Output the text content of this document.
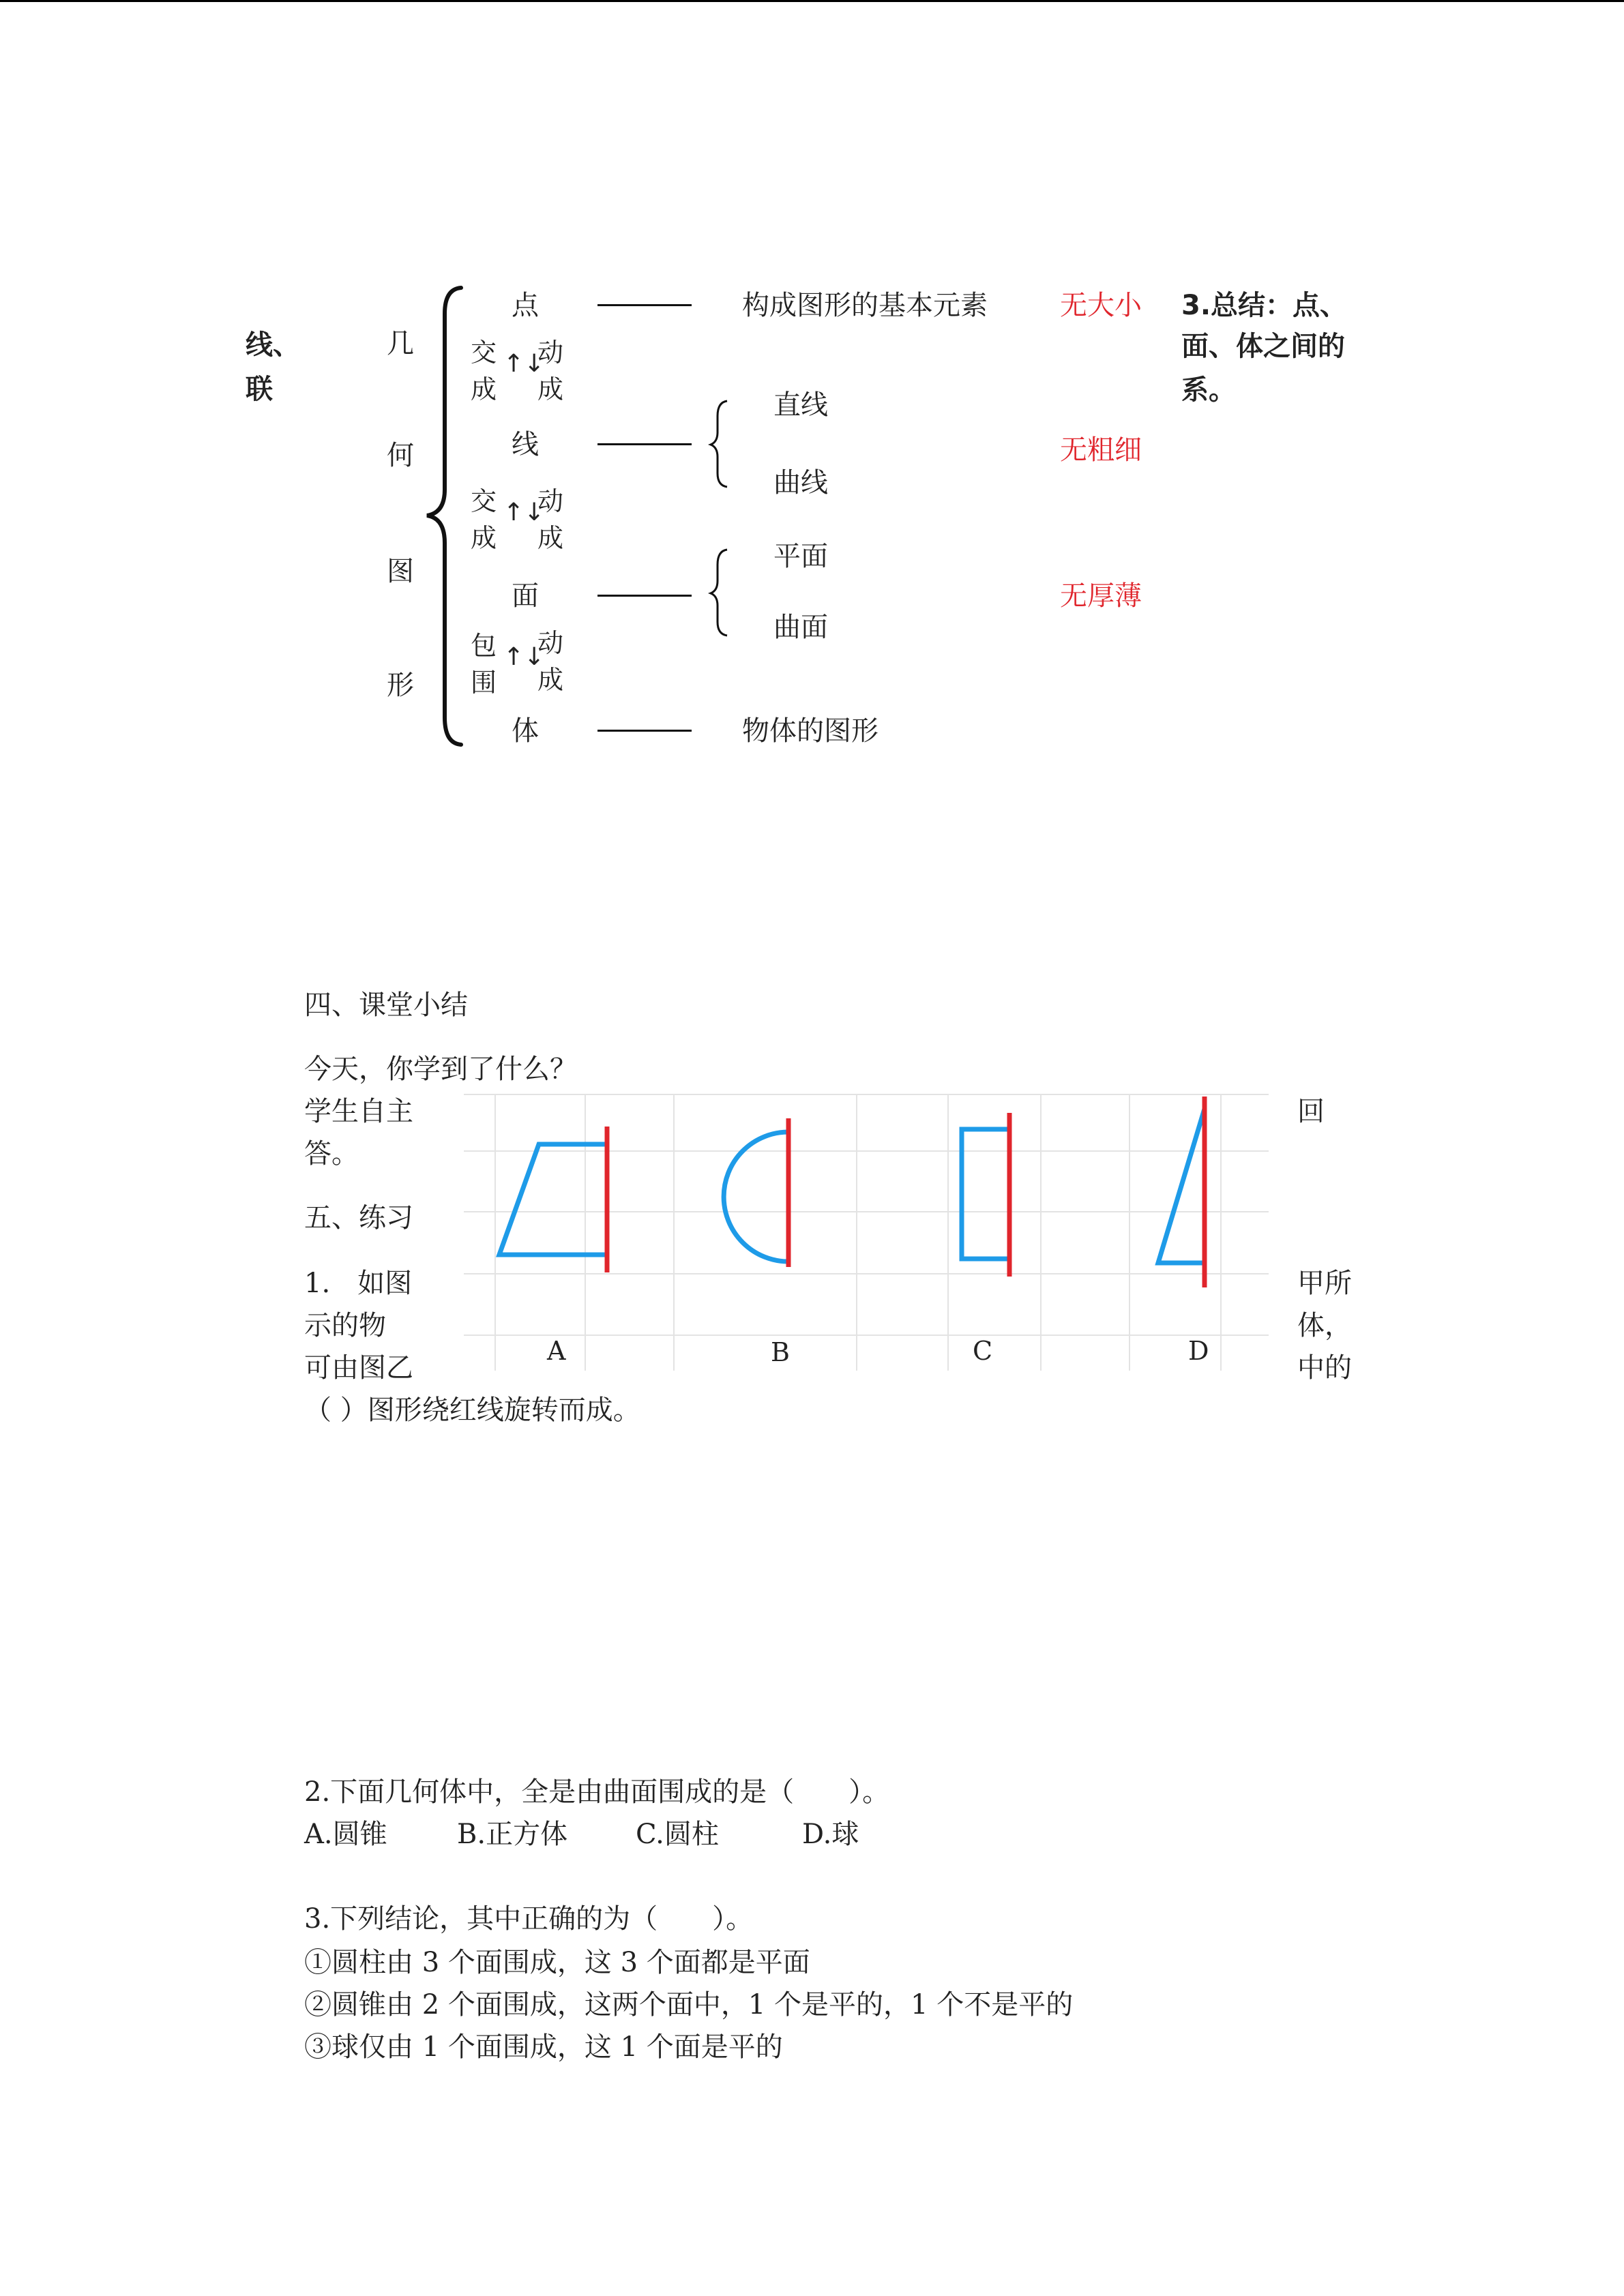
线、
联
3.总结：点、
面、体之间的
系。
几
何
图
形
点	构成图形的基本元素	无大小
交
成
↑↓
动
成
线
直线
曲线
无粗细
交
成
↑↓
动
成
面
平面
曲面
无厚薄
包
围
↑↓
动
成
体	物体的图形
四、课堂小结
今天，你学到了什么？
学生自主
答。
回
五、练习
1.　如图
示的物
可由图乙
甲所
体，
中的
（ ）图形绕红线旋转而成。
A	B	C	D
2.下面几何体中，全是由曲面围成的是（　　）。
A.圆锥	B.正方体 C.圆柱	D.球
3.下列结论，其中正确的为（　　）。
①圆柱由 3 个面围成，这 3 个面都是平面
②圆锥由 2 个面围成，这两个面中，1 个是平的，1 个不是平的
③球仅由 1 个面围成，这 1 个面是平的
